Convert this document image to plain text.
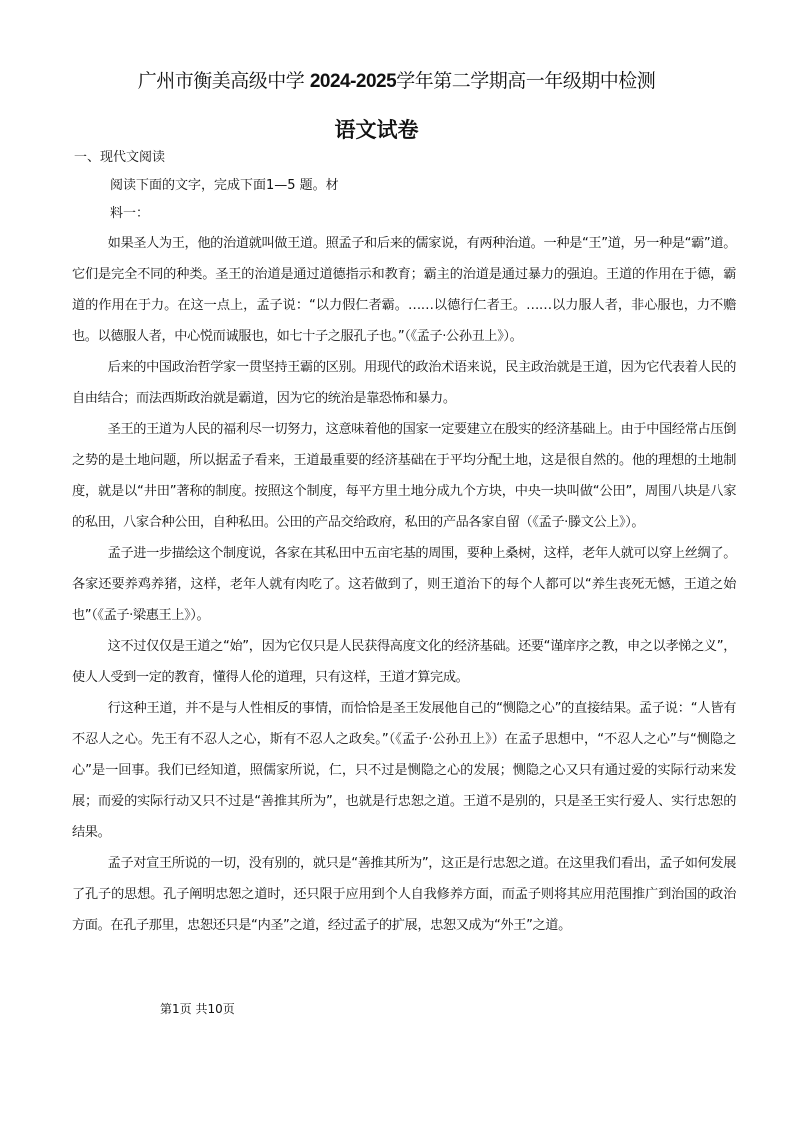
广州市衡美高级中学 2024-2025学年第二学期高一年级期中检测
语文试卷
一、现代文阅读
阅读下面的文字，完成下面1—5 题。材
料一：

如果圣人为王，他的治道就叫做王道。照孟子和后来的儒家说，有两种治道。一种是“王”道，另一种是“霸”道。它们是完全不同的种类。圣王的治道是通过道德指示和教育；霸主的治道是通过暴力的强迫。王道的作用在于德，霸道的作用在于力。在这一点上，孟子说：“以力假仁者霸。……以德行仁者王。……以力服人者，非心服也，力不赡也。以德服人者，中心悦而诚服也，如七十子之服孔子也。”（《孟子·公孙丑上》）。

后来的中国政治哲学家一贯坚持王霸的区别。用现代的政治术语来说，民主政治就是王道，因为它代表着人民的自由结合；而法西斯政治就是霸道，因为它的统治是靠恐怖和暴力。

圣王的王道为人民的福利尽一切努力，这意味着他的国家一定要建立在殷实的经济基础上。由于中国经常占压倒之势的是土地问题，所以据孟子看来，王道最重要的经济基础在于平均分配土地，这是很自然的。他的理想的土地制度，就是以“井田”著称的制度。按照这个制度，每平方里土地分成九个方块，中央一块叫做“公田”，周围八块是八家的私田，八家合种公田，自种私田。公田的产品交给政府，私田的产品各家自留（《孟子·滕文公上》）。

孟子进一步描绘这个制度说，各家在其私田中五亩宅基的周围，要种上桑树，这样，老年人就可以穿上丝绸了。各家还要养鸡养猪，这样，老年人就有肉吃了。这若做到了，则王道治下的每个人都可以“养生丧死无憾，王道之始也”（《孟子·梁惠王上》）。

这不过仅仅是王道之“始”，因为它仅只是人民获得高度文化的经济基础。还要“谨庠序之教，申之以孝悌之义”，使人人受到一定的教育，懂得人伦的道理，只有这样，王道才算完成。

行这种王道，并不是与人性相反的事情，而恰恰是圣王发展他自己的“恻隐之心”的直接结果。孟子说：“人皆有不忍人之心。先王有不忍人之心，斯有不忍人之政矣。”（《孟子·公孙丑上》）在孟子思想中，“不忍人之心”与“恻隐之心”是一回事。我们已经知道，照儒家所说，仁，只不过是恻隐之心的发展；恻隐之心又只有通过爱的实际行动来发展；而爱的实际行动又只不过是“善推其所为”，也就是行忠恕之道。王道不是别的，只是圣王实行爱人、实行忠恕的结果。

孟子对宣王所说的一切，没有别的，就只是“善推其所为”，这正是行忠恕之道。在这里我们看出，孟子如何发展了孔子的思想。孔子阐明忠恕之道时，还只限于应用到个人自我修养方面，而孟子则将其应用范围推广到治国的政治方面。在孔子那里，忠恕还只是“内圣”之道，经过孟子的扩展，忠恕又成为“外王”之道。

第1页 共10页
